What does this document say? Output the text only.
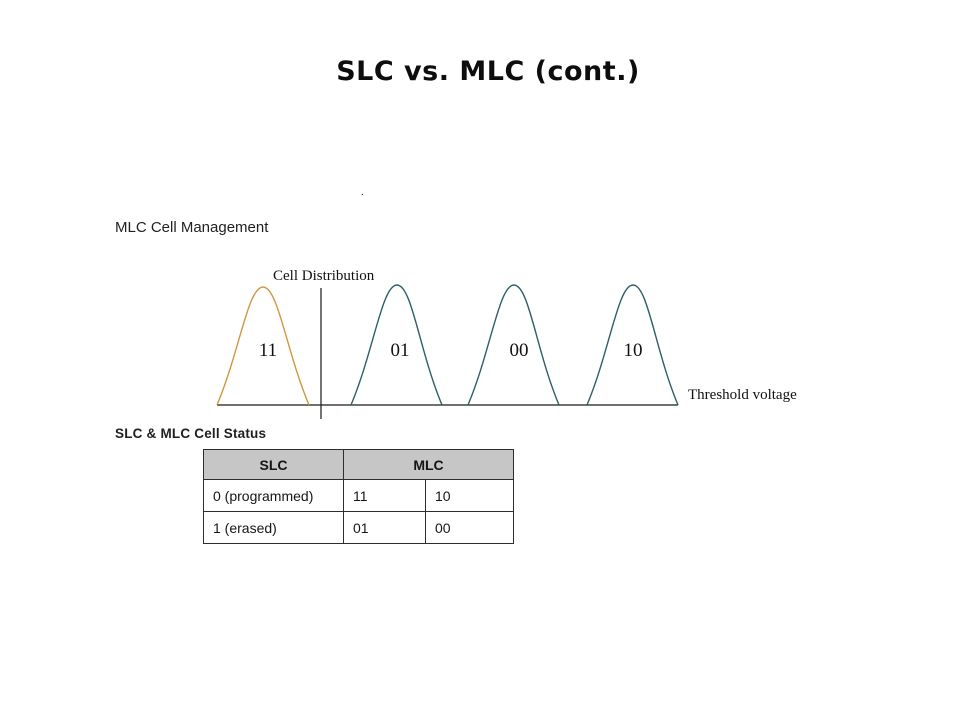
SLC vs. MLC (cont.)
.
MLC Cell Management
Cell Distribution
11	01	00	10
Threshold voltage
SLC & MLC Cell Status
SLC	MLC	
0 (programmed)	11	10
1 (erased)	01	00
